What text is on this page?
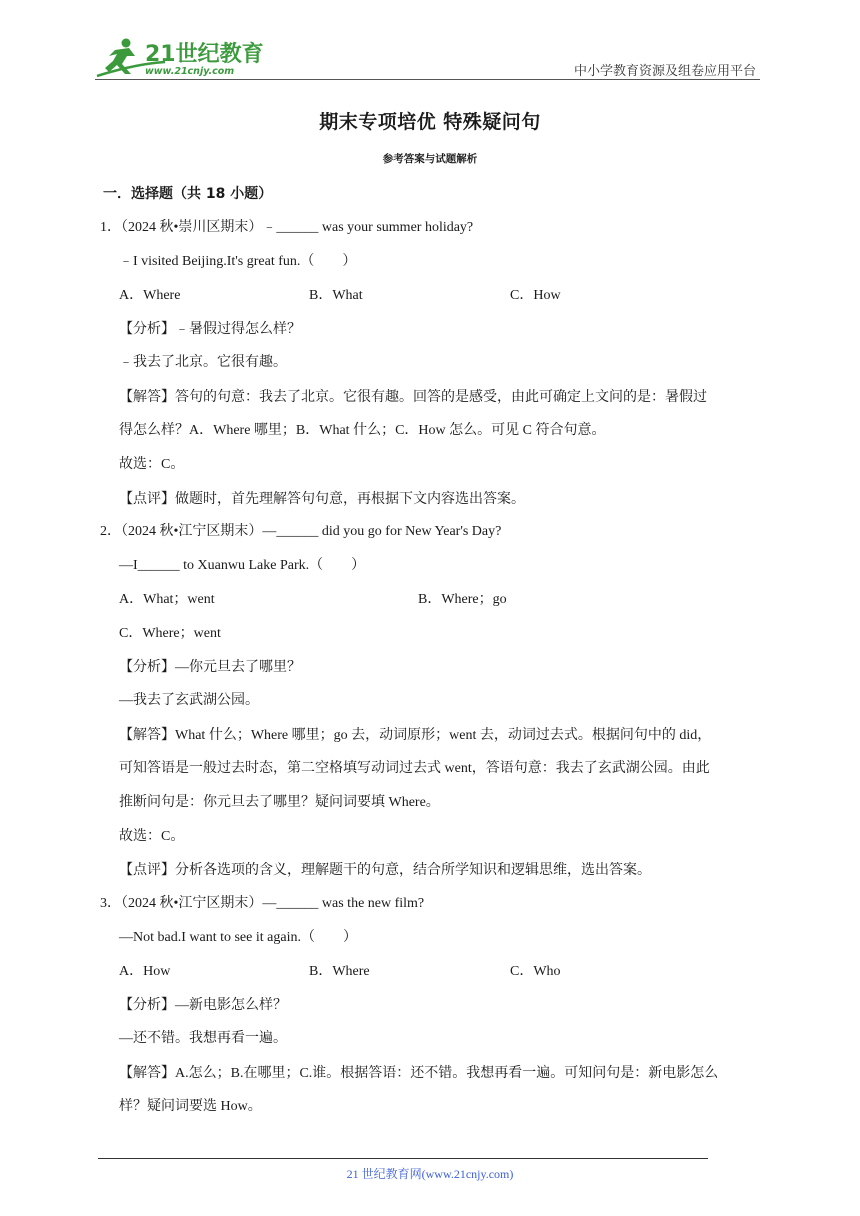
21世纪教育
www.21cnjy.com	中小学教育资源及组卷应用平台
期末专项培优 特殊疑问句
参考答案与试题解析
一．选择题（共 18 小题）
1．（2024 秋•崇川区期末）﹣______ was your summer holiday?
﹣I visited Beijing.It's great fun.（　　）
A．Where	B．What	C．How
【分析】﹣暑假过得怎么样？
﹣我去了北京。它很有趣。
【解答】答句的句意：我去了北京。它很有趣。回答的是感受，由此可确定上文问的是：暑假过
得怎么样？A．Where 哪里；B．What 什么；C．How 怎么。可见 C 符合句意。
故选：C。
【点评】做题时，首先理解答句句意，再根据下文内容选出答案。
2．（2024 秋•江宁区期末）—______ did you go for New Year's Day?
—I______ to Xuanwu Lake Park.（　　）
A．What；went	B．Where；go
C．Where；went
【分析】—你元旦去了哪里？
—我去了玄武湖公园。
【解答】What 什么；Where 哪里；go 去，动词原形；went 去，动词过去式。根据问句中的 did，
可知答语是一般过去时态，第二空格填写动词过去式 went，答语句意：我去了玄武湖公园。由此
推断问句是：你元旦去了哪里？疑问词要填 Where。
故选：C。
【点评】分析各选项的含义，理解题干的句意，结合所学知识和逻辑思维，选出答案。
3．（2024 秋•江宁区期末）—______ was the new film?
—Not bad.I want to see it again.（　　）
A．How	B．Where	C．Who
【分析】—新电影怎么样？
—还不错。我想再看一遍。
【解答】A.怎么；B.在哪里；C.谁。根据答语：还不错。我想再看一遍。可知问句是：新电影怎么
样？疑问词要选 How。
21 世纪教育网(www.21cnjy.com)
